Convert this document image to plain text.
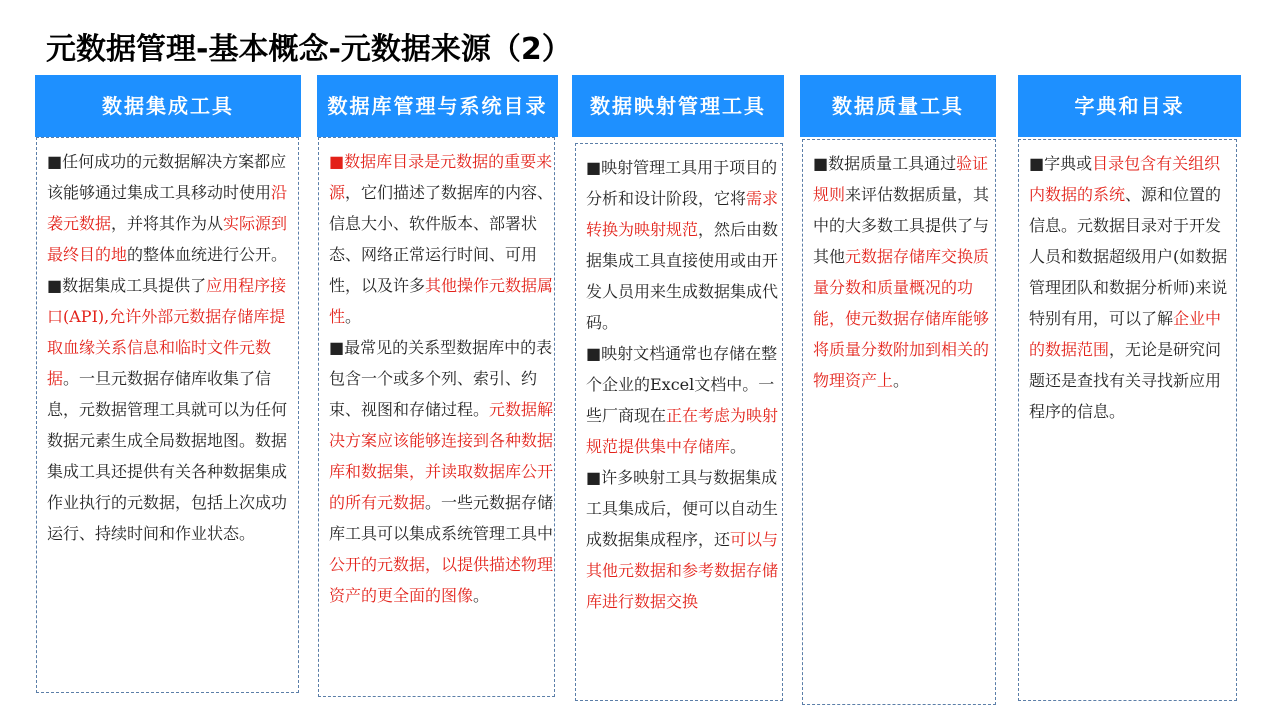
元数据管理-基本概念-元数据来源（2）
数据集成工具

■任何成功的元数据解决方案都应该能够通过集成工具移动时使用沿袭元数据，并将其作为从实际源到最终目的地的整体血统进行公开。

■数据集成工具提供了应用程序接口(API),允许外部元数据存储库提取血缘关系信息和临时文件元数据。一旦元数据存储库收集了信息，元数据管理工具就可以为任何数据元素生成全局数据地图。数据集成工具还提供有关各种数据集成作业执行的元数据，包括上次成功运行、持续时间和作业状态。

数据库管理与 系统目录

■数据库目录是元数据的重要来源，它们描述了数据库的内容、信息大小、软件版本、部署状态、网络正常运行时间、可用性，以及许多其他操作元数据属性。

■最常见的关系型数据库中的表包含一个或多个列、索引、约束、视图和存储过程。元数据解决方案应该能够连接到各种数据库和数据集，并读取数据库公开的所有元数据。一些元数据存储库工具可以集成系统管理工具中公开的元数据，以提供描述物理资产的更全面的图像。

数据映射 管理工具

■映射管理工具用于项目的分析和设计阶段，它将需求转换为映射规范，然后由数据集成工具直接使用或由开发人员用来生成数据集成代码。

■映射文档通常也存储在整个企业的Excel文档中。一些厂商现在正在考虑为映射规范提供集中存储库。

■许多映射工具与数据集成工具集成后，便可以自动生成数据集成程序，还可以与其他元数据和参考数据存储库进行数据交换

数据质量工具

■数据质量工具通过验证规则来评估数据质量，其中的大多数工具提供了与其他元数据存储库交换质量分数和质量概况的功能，使元数据存储库能够将质量分数附加到相关的物理资产上。

字典和目录

■字典或目录包含有关组织内数据的系统、源和位置的信息。元数据目录对于开发人员和数据超级用户(如数据管理团队和数据分析师)来说特别有用，可以了解企业中的数据范围，无论是研究问题还是查找有关寻找新应用程序的信息。
